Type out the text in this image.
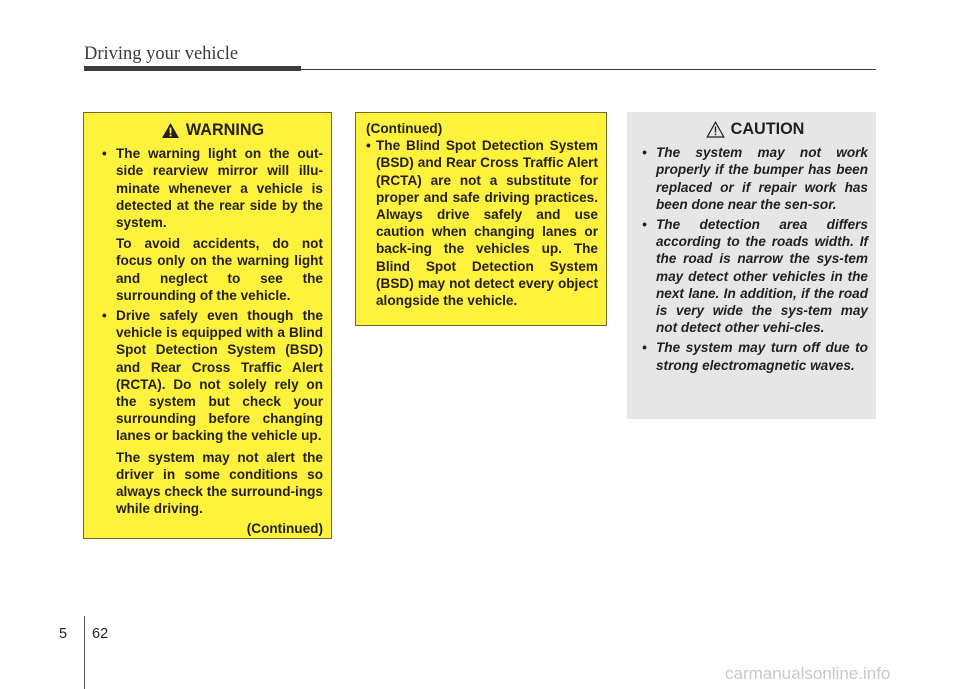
Driving your vehicle
WARNING
• The warning light on the out-side rearview mirror will illu-minate whenever a vehicle is detected at the rear side by the system.
To avoid accidents, do not focus only on the warning light and neglect to see the surrounding of the vehicle.
• Drive safely even though the vehicle is equipped with a Blind Spot Detection System (BSD) and Rear Cross Traffic Alert (RCTA). Do not solely rely on the system but check your surrounding before changing lanes or backing the vehicle up.
The system may not alert the driver in some conditions so always check the surround-ings while driving.
(Continued)
(Continued)
• The Blind Spot Detection System (BSD) and Rear Cross Traffic Alert (RCTA) are not a substitute for proper and safe driving practices. Always drive safely and use caution when changing lanes or back-ing the vehicles up. The Blind Spot Detection System (BSD) may not detect every object alongside the vehicle.
CAUTION
• The system may not work properly if the bumper has been replaced or if repair work has been done near the sen-sor.
• The detection area differs according to the roads width. If the road is narrow the sys-tem may detect other vehicles in the next lane. In addition, if the road is very wide the sys-tem may not detect other vehi-cles.
• The system may turn off due to strong electromagnetic waves.
5 62
carmanualsonline.info
